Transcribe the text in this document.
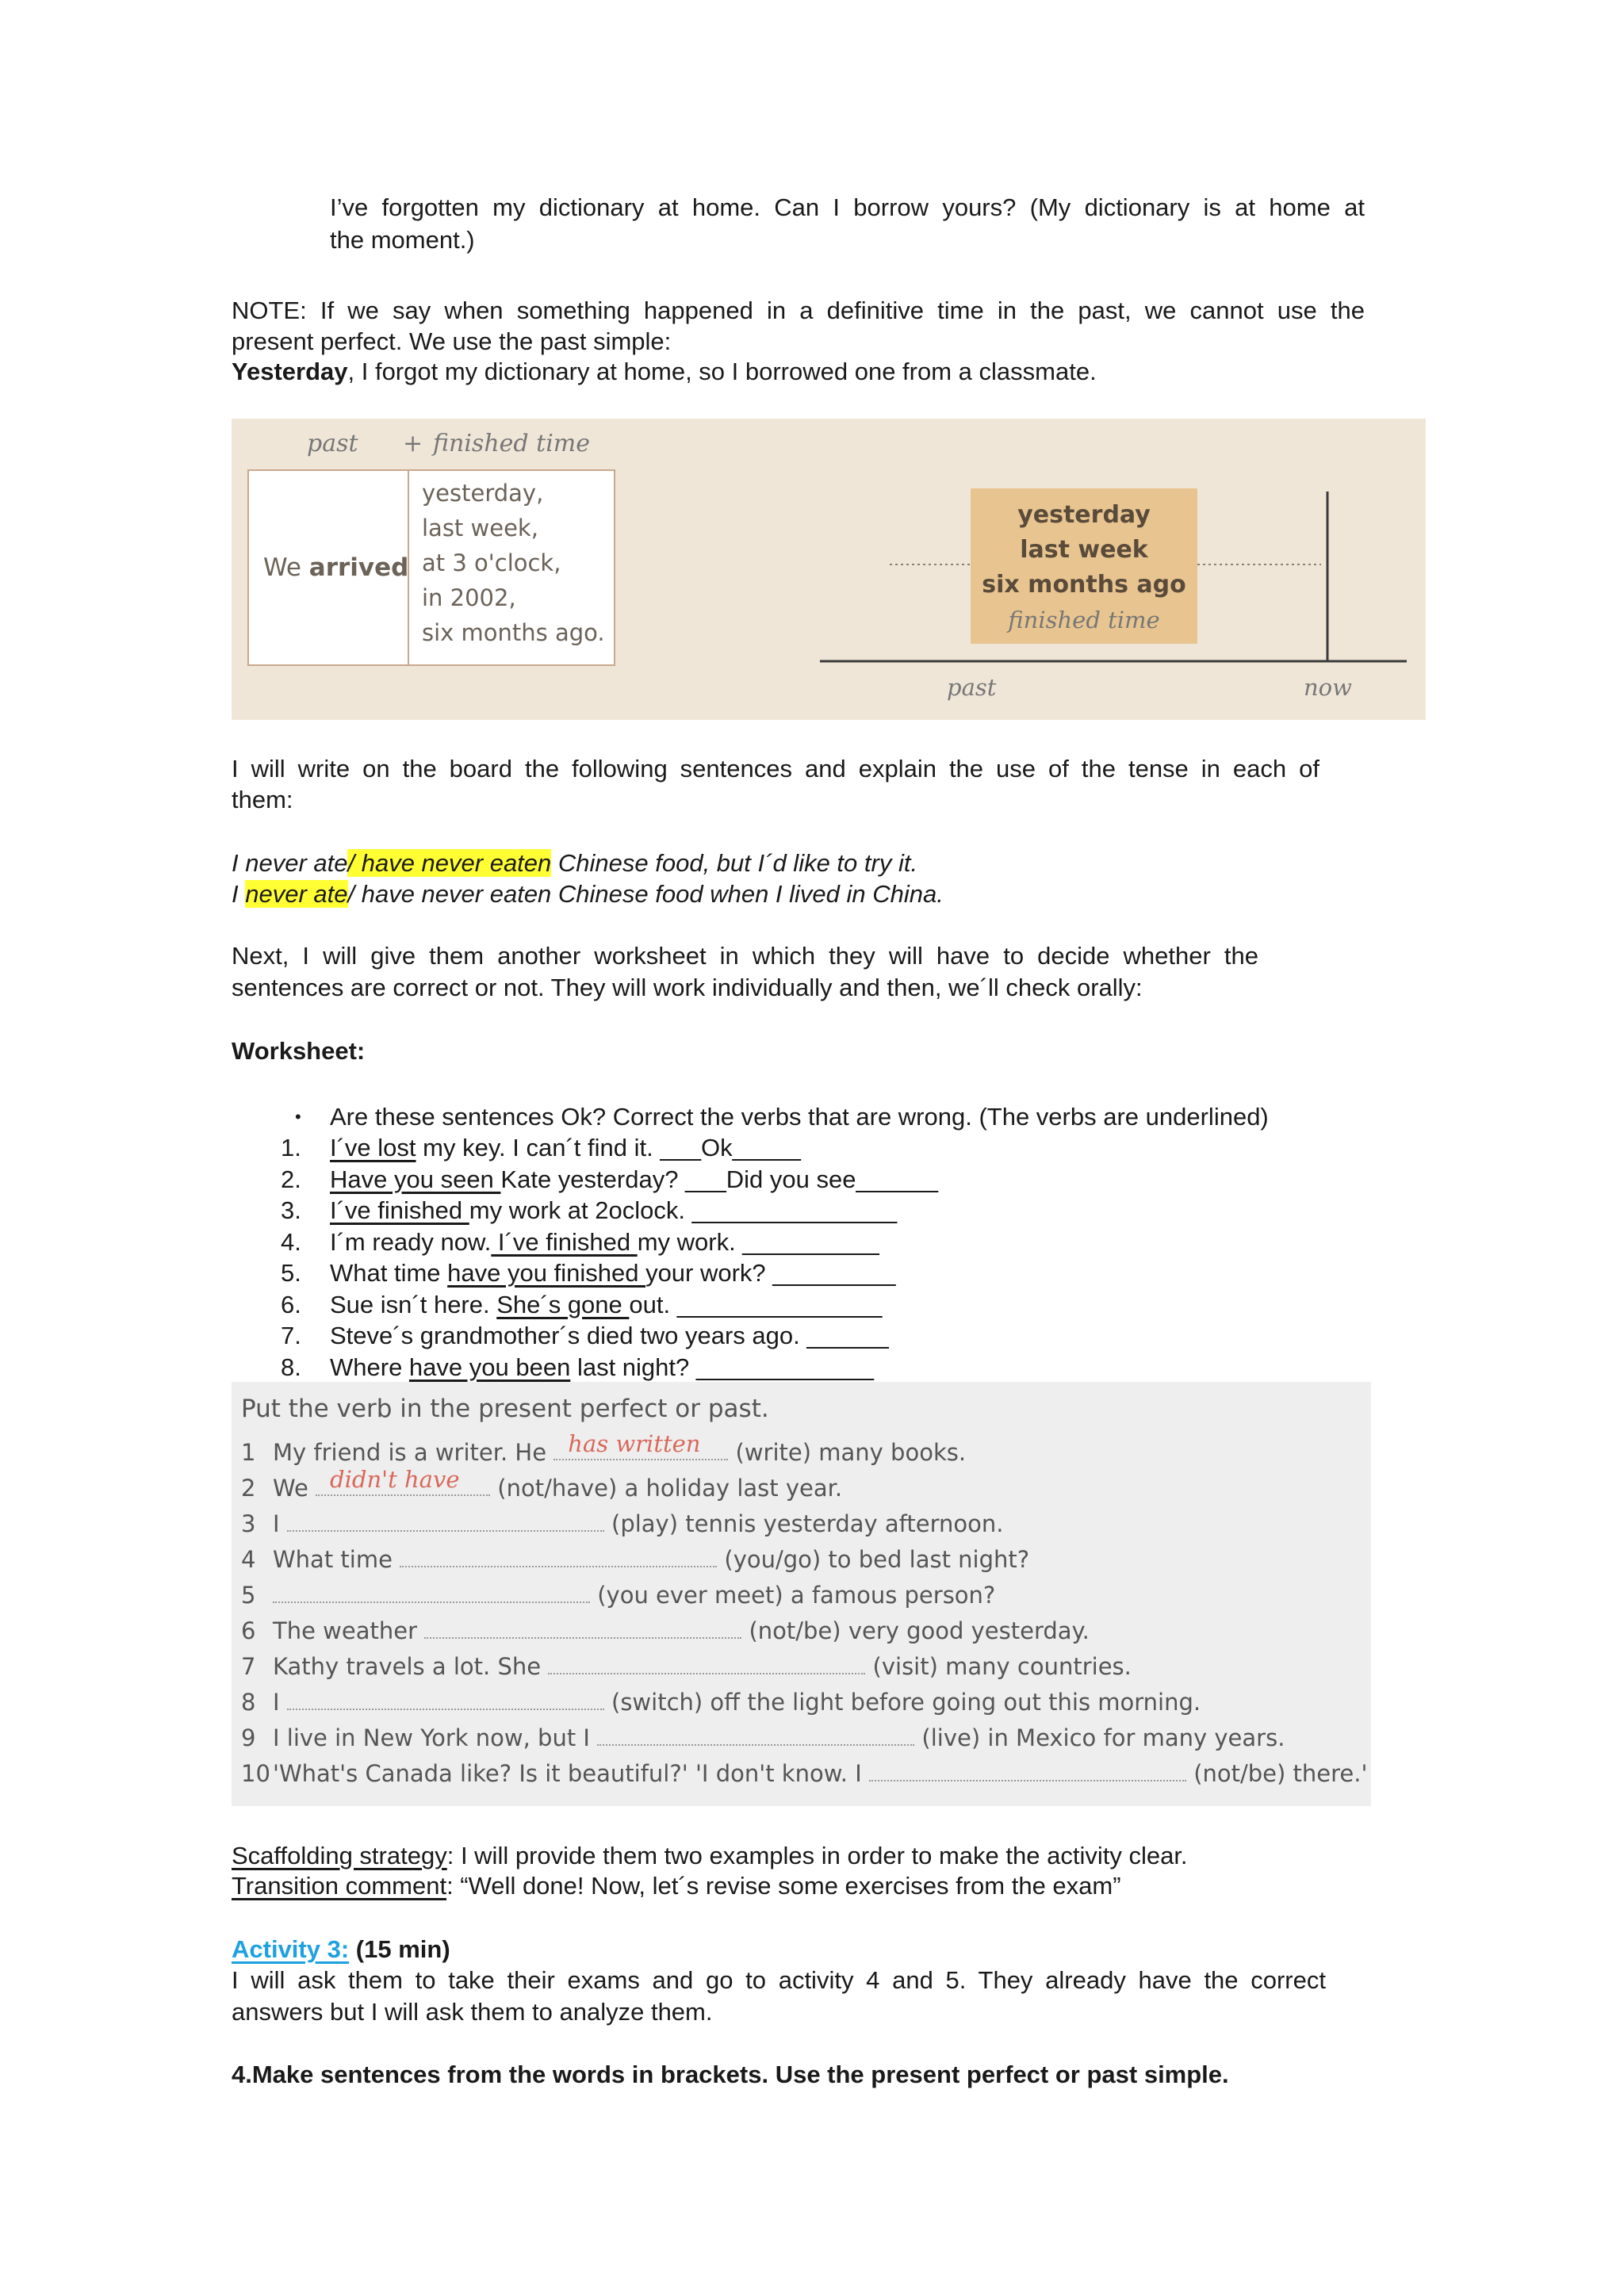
I’ve forgotten my dictionary at home. Can I borrow yours? (My dictionary is at home at
the moment.)
NOTE: If we say when something happened in a definitive time in the past, we cannot use the
present perfect. We use the past simple:
Yesterday, I forgot my dictionary at home, so I borrowed one from a classmate.
past + finished time
We arrived
yesterday,
last week,
at 3 o'clock,
in 2002,
six months ago.
yesterday
last week
six months ago
finished time
past	now
I will write on the board the following sentences and explain the use of the tense in each of
them:
I never ate/ have never eaten Chinese food, but I´d like to try it.
I never ate/ have never eaten Chinese food when I lived in China.
Next, I will give them another worksheet in which they will have to decide whether the
sentences are correct or not. They will work individually and then, we´ll check orally:
Worksheet:
• Are these sentences Ok? Correct the verbs that are wrong. (The verbs are underlined)
1.	I´ve lost my key. I can´t find it. ___Ok_____
2.	Have you seen Kate yesterday? ___Did you see______
3.	I´ve finished my work at 2oclock. _______________
4.	I´m ready now. I´ve finished my work. __________
5.	What time have you finished your work? _________
6.	Sue isn´t here. She´s gone out. _______________
7.	Steve´s grandmother´s died two years ago. ______
8.	Where have you been last night? _____________
Put the verb in the present perfect or past.
1 My friend is a writer. He has written (write) many books.
2 We didn't have (not/have) a holiday last year.
3 I	(play) tennis yesterday afternoon.
4 What time	(you/go) to bed last night?
5	(you ever meet) a famous person?
6 The weather	(not/be) very good yesterday.
7 Kathy travels a lot. She	(visit) many countries.
8 I	(switch) off the light before going out this morning.
9 I live in New York now, but I	(live) in Mexico for many years.
10 'What's Canada like? Is it beautiful?' 'I don't know. I	(not/be) there.'
Scaffolding strategy: I will provide them two examples in order to make the activity clear.
Transition comment: “Well done! Now, let´s revise some exercises from the exam”
Activity 3: (15 min)
I will ask them to take their exams and go to activity 4 and 5. They already have the correct
answers but I will ask them to analyze them.
4.Make sentences from the words in brackets. Use the present perfect or past simple.
